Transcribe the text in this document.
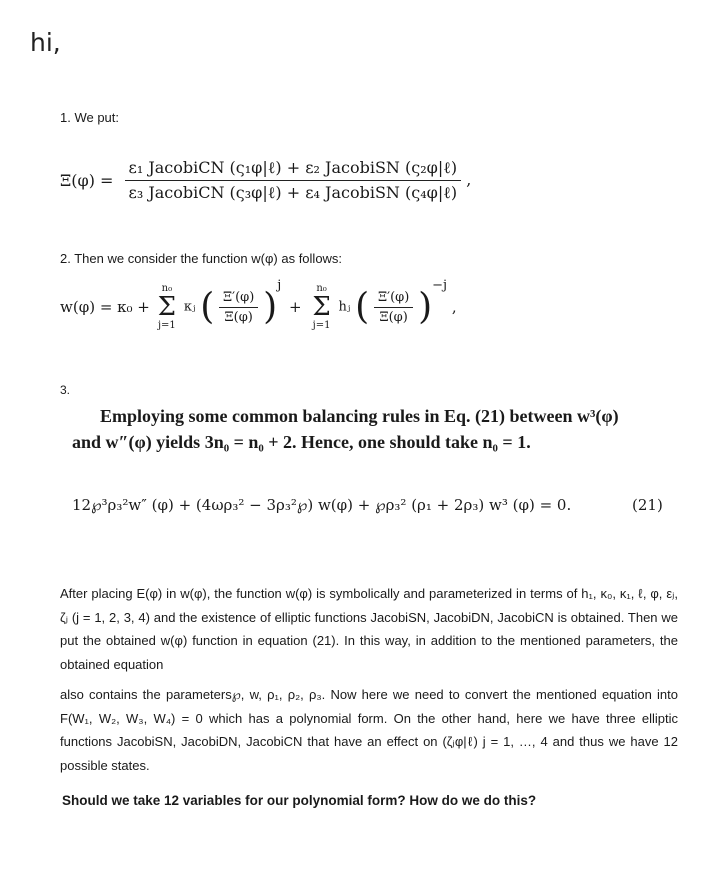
hi,
1. We put:
$\Xi(\varphi) = \frac{\text{ε₁ JacobiCN (ς₁φ|ℓ) + ε₂ JacobiSN (ς₂φ|ℓ)}}{\text{ε₃ JacobiCN (ς₃φ|ℓ) + ε₄ JacobiSN (ς₄φ|ℓ)}}$ ,
2. Then we consider the function w(φ) as follows:
w(φ) = κ₀ +
n₀
Σ
j=1
κⱼ ( $\frac{\Xi'(\varphi)}{\Xi(\varphi)} )^j$ +
n₀
Σ
j=1
hⱼ ( $\frac{\Xi'(\varphi)}{\Xi(\varphi)} )^{-j}$ ,
3.
Employing some common balancing rules in Eq. (21) between w³(φ)
and w″(φ) yields 3n₀ = n₀ + 2. Hence, one should take n₀ = 1.
12℘³ρ₃²w″ (φ) + (4ωρ₃² − 3ρ₃²℘) w(φ) + ℘ρ₃² (ρ₁ + 2ρ₃) w³ (φ) = 0.	(21)
After placing E(φ) in w(φ), the function w(φ) is symbolically and parameterized in terms of h₁, κ₀, κ₁, ℓ, φ, εⱼ, ζⱼ (j = 1, 2, 3, 4) and the existence of elliptic functions JacobiSN, JacobiDN, JacobiCN is obtained. Then we put the obtained w(φ) function in equation (21). In this way, in addition to the mentioned parameters, the obtained equation
also contains the parameters℘, w, ρ₁, ρ₂, ρ₃. Now here we need to convert the mentioned equation into F(W₁, W₂, W₃, W₄) = 0 which has a polynomial form. On the other hand, here we have three elliptic functions JacobiSN, JacobiDN, JacobiCN that have an effect on (ζⱼφ|ℓ) j = 1, …, 4 and thus we have 12 possible states.
Should we take 12 variables for our polynomial form? How do we do this?
